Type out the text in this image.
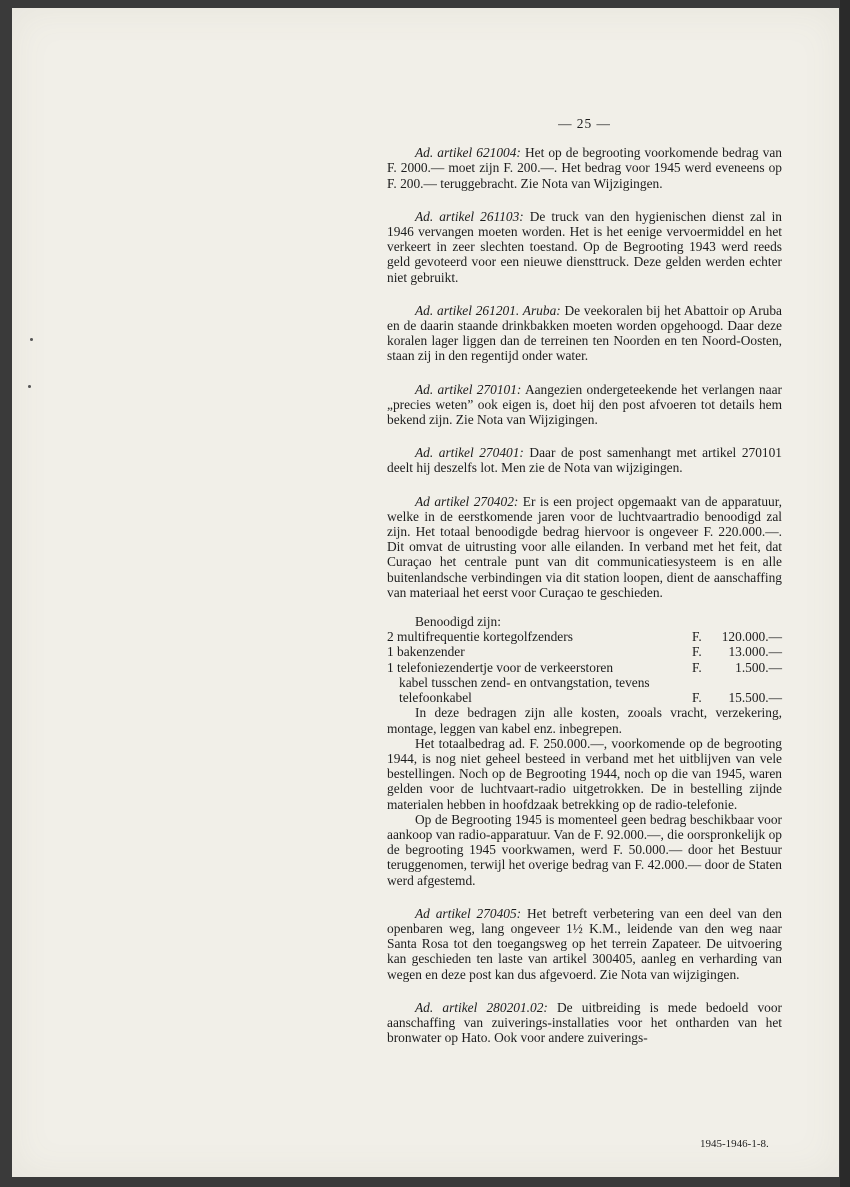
— 25 —
Ad. artikel 621004: Het op de begrooting voorkomende bedrag van F. 2000.— moet zijn F. 200.—. Het bedrag voor 1945 werd eveneens op F. 200.— teruggebracht. Zie Nota van Wijzigingen.
Ad. artikel 261103: De truck van den hygienischen dienst zal in 1946 vervangen moeten worden. Het is het eenige vervoermiddel en het verkeert in zeer slechten toestand. Op de Begrooting 1943 werd reeds geld gevoteerd voor een nieuwe diensttruck. Deze gelden werden echter niet gebruikt.
Ad. artikel 261201. Aruba: De veekoralen bij het Abattoir op Aruba en de daarin staande drinkbakken moeten worden opgehoogd. Daar deze koralen lager liggen dan de terreinen ten Noorden en ten Noord-Oosten, staan zij in den regentijd onder water.
Ad. artikel 270101: Aangezien ondergeteekende het verlangen naar „precies weten” ook eigen is, doet hij den post afvoeren tot details hem bekend zijn. Zie Nota van Wijzigingen.
Ad. artikel 270401: Daar de post samenhangt met artikel 270101 deelt hij deszelfs lot. Men zie de Nota van wijzigingen.
Ad artikel 270402: Er is een project opgemaakt van de apparatuur, welke in de eerstkomende jaren voor de luchtvaartradio benoodigd zal zijn. Het totaal benoodigde bedrag hiervoor is ongeveer F. 220.000.—. Dit omvat de uitrusting voor alle eilanden. In verband met het feit, dat Curaçao het centrale punt van dit communicatiesysteem is en alle buitenlandsche verbindingen via dit station loopen, dient de aanschaffing van materiaal het eerst voor Curaçao te geschieden.
Benoodigd zijn:
2 multifrequentie kortegolfzenders	F.	120.000.—
1 bakenzender	F.	13.000.—
1 telefoniezendertje voor de verkeerstoren	F.	1.500.—
kabel tusschen zend- en ontvangstation, tevens
telefoonkabel	F.	15.500.—

In deze bedragen zijn alle kosten, zooals vracht, verzekering, montage, leggen van kabel enz. inbegrepen.

Het totaalbedrag ad. F. 250.000.—, voorkomende op de begrooting 1944, is nog niet geheel besteed in verband met het uitblijven van vele bestellingen. Noch op de Begrooting 1944, noch op die van 1945, waren gelden voor de luchtvaart-radio uitgetrokken. De in bestelling zijnde materialen hebben in hoofdzaak betrekking op de radio-telefonie.

Op de Begrooting 1945 is momenteel geen bedrag beschikbaar voor aankoop van radio-apparatuur. Van de F. 92.000.—, die oorspronkelijk op de begrooting 1945 voorkwamen, werd F. 50.000.— door het Bestuur teruggenomen, terwijl het overige bedrag van F. 42.000.— door de Staten werd afgestemd.

Ad artikel 270405: Het betreft verbetering van een deel van den openbaren weg, lang ongeveer 1½ K.M., leidende van den weg naar Santa Rosa tot den toegangsweg op het terrein Zapateer. De uitvoering kan geschieden ten laste van artikel 300405, aanleg en verharding van wegen en deze post kan dus afgevoerd. Zie Nota van wijzigingen.
Ad. artikel 280201.02: De uitbreiding is mede bedoeld voor aanschaffing van zuiverings-installaties voor het ontharden van het bronwater op Hato. Ook voor andere zuiverings-
1945-1946-1-8.
